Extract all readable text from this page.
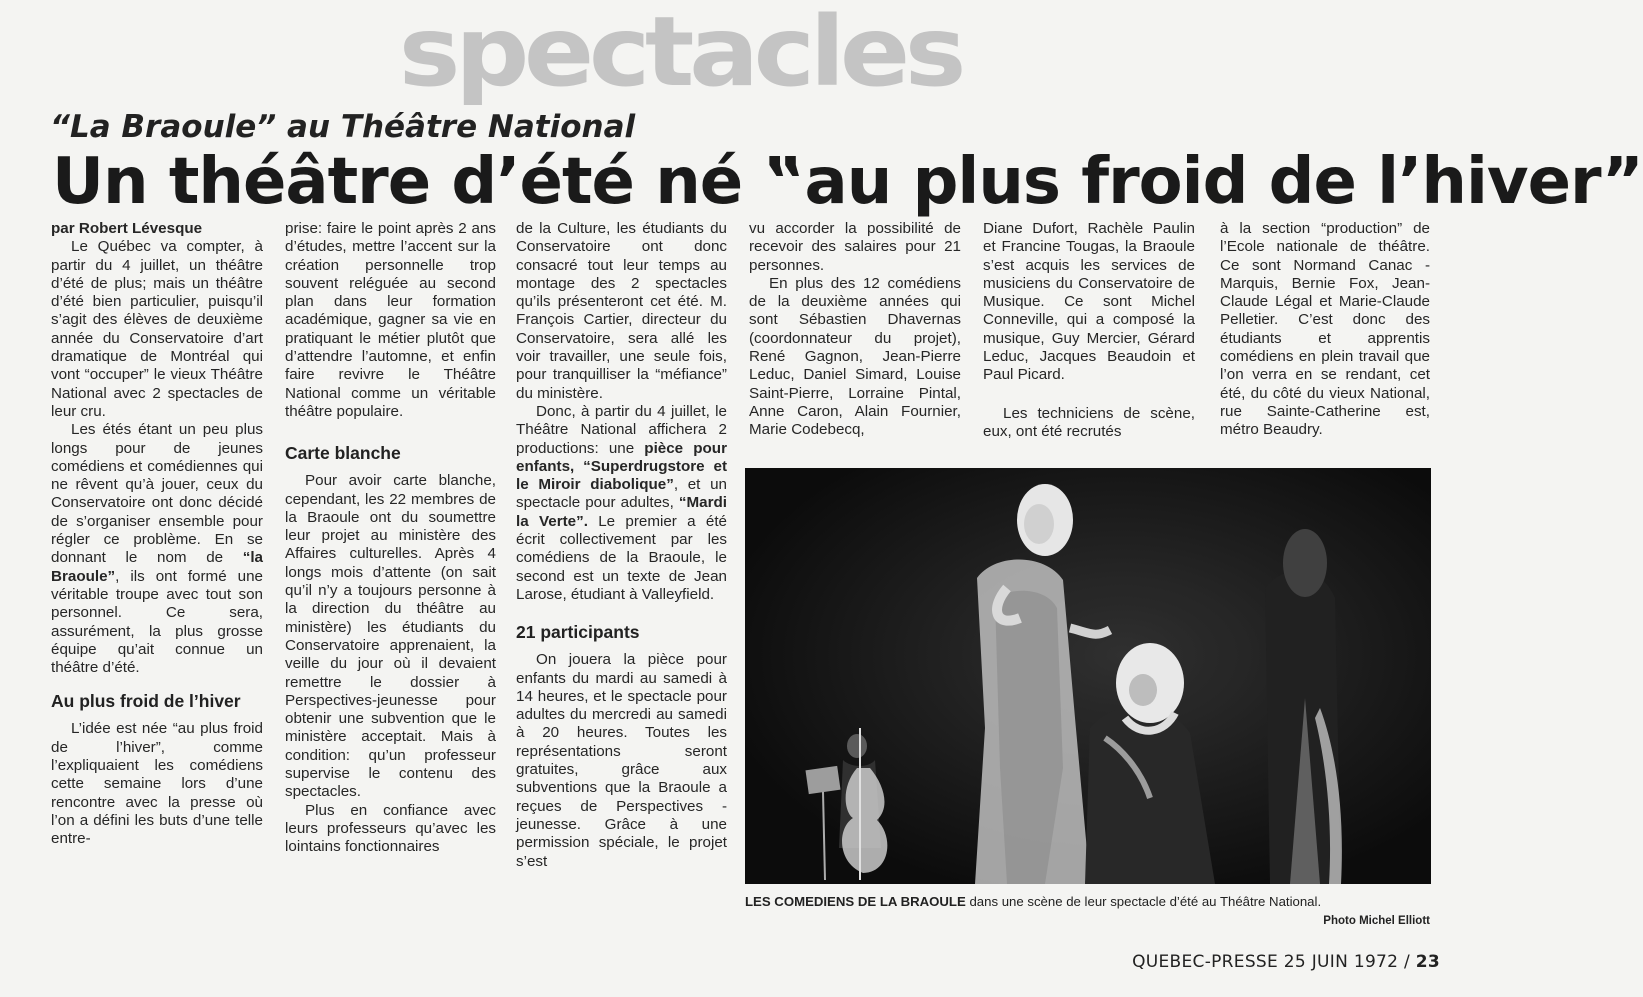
spectacles
“La Braoule” au Théâtre National
Un théâtre d’été né ‟au plus froid de l’hiver”

par Robert Lévesque

Le Québec va compter, à partir du 4 juillet, un théâtre d’été de plus; mais un théâtre d’été bien particulier, puisqu’il s’agit des élèves de deuxième année du Conservatoire d’art dramatique de Montréal qui vont “occuper” le vieux Théâtre National avec 2 spectacles de leur cru.

Les étés étant un peu plus longs pour de jeunes comédiens et comédiennes qui ne rêvent qu’à jouer, ceux du Conservatoire ont donc décidé de s’organiser ensemble pour régler ce problème. En se donnant le nom de “la Braoule”, ils ont formé une véritable troupe avec tout son personnel. Ce sera, assurément, la plus grosse équipe qu’ait connue un théâtre d’été.

Au plus froid de l’hiver

L’idée est née “au plus froid de l’hiver”, comme l’expliquaient les comédiens cette semaine lors d’une rencontre avec la presse où l’on a défini les buts d’une telle entre-

prise: faire le point après 2 ans d’études, mettre l’accent sur la création personnelle trop souvent reléguée au second plan dans leur formation académique, gagner sa vie en pratiquant le métier plutôt que d’attendre l’automne, et enfin faire revivre le Théâtre National comme un véritable théâtre populaire.

Carte blanche

Pour avoir carte blanche, cependant, les 22 membres de la Braoule ont du soumettre leur projet au ministère des Affaires culturelles. Après 4 longs mois d’attente (on sait qu’il n’y a toujours personne à la direction du théâtre au ministère) les étudiants du Conservatoire apprenaient, la veille du jour où il devaient remettre le dossier à Perspectives-jeunesse pour obtenir une subvention que le ministère acceptait. Mais à condition: qu’un professeur supervise le contenu des spectacles.

Plus en confiance avec leurs professeurs qu’avec les lointains fonctionnaires

de la Culture, les étudiants du Conservatoire ont donc consacré tout leur temps au montage des 2 spectacles qu’ils présenteront cet été. M. François Cartier, directeur du Conservatoire, sera allé les voir travailler, une seule fois, pour tranquilliser la “méfiance” du ministère.

Donc, à partir du 4 juillet, le Théâtre National affichera 2 productions: une pièce pour enfants, “Superdrugstore et le Miroir diabolique”, et un spectacle pour adultes, “Mardi la Verte”. Le premier a été écrit collectivement par les comédiens de la Braoule, le second est un texte de Jean Larose, étudiant à Valleyfield.

21 participants

On jouera la pièce pour enfants du mardi au samedi à 14 heures, et le spectacle pour adultes du mercredi au samedi à 20 heures. Toutes les représentations seront gratuites, grâce aux subventions que la Braoule a reçues de Perspectives - jeunesse. Grâce à une permission spéciale, le projet s’est

vu accorder la possibilité de recevoir des salaires pour 21 personnes.

En plus des 12 comédiens de la deuxième années qui sont Sébastien Dhavernas (coordonnateur du projet), René Gagnon, Jean-Pierre Leduc, Daniel Simard, Louise Saint-Pierre, Lorraine Pintal, Anne Caron, Alain Fournier, Marie Codebecq,

Diane Dufort, Rachèle Paulin et Francine Tougas, la Braoule s’est acquis les services de musiciens du Conservatoire de Musique. Ce sont Michel Conneville, qui a composé la musique, Guy Mercier, Gérard Leduc, Jacques Beaudoin et Paul Picard.

Les techniciens de scène, eux, ont été recrutés

à la section “production” de l’Ecole nationale de théâtre. Ce sont Normand Canac - Marquis, Bernie Fox, Jean-Claude Légal et Marie-Claude Pelletier. C’est donc des étudiants et apprentis comédiens en plein travail que l’on verra en se rendant, cet été, du côté du vieux National, rue Sainte-Catherine est, métro Beaudry.

LES COMEDIENS DE LA BRAOULE dans une scène de leur spectacle d’été au Théâtre National.
Photo Michel Elliott
QUEBEC-PRESSE 25 JUIN 1972 / 23
